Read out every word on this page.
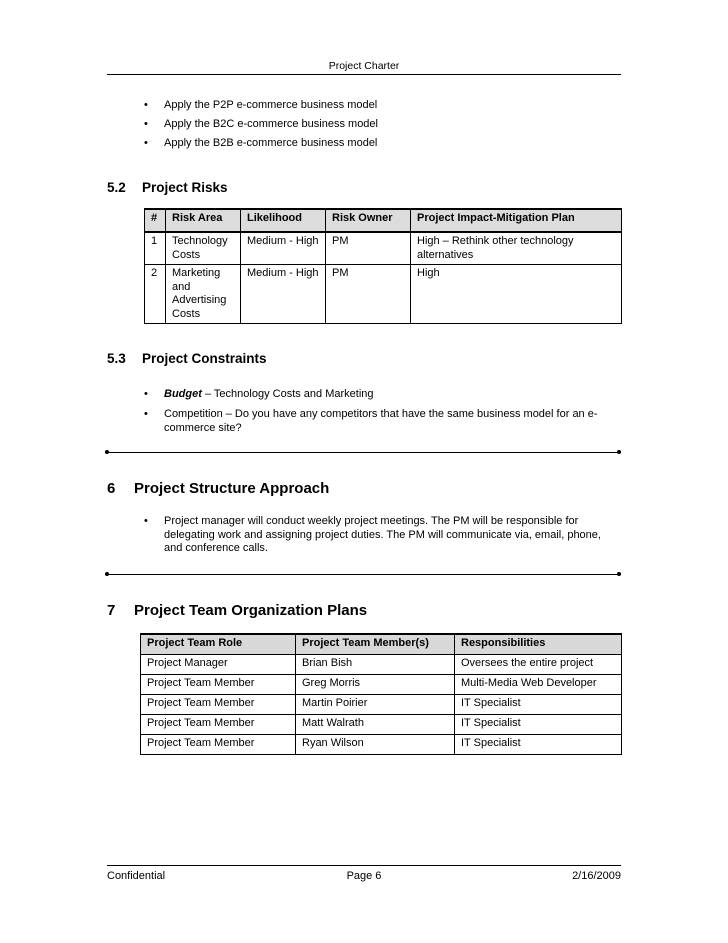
Project Charter
•	Apply the P2P e-commerce business model
•	Apply the B2C e-commerce business model
•	Apply the B2B e-commerce business model
5.2 Project Risks
#	Risk Area	Likelihood	Risk Owner	Project Impact-Mitigation Plan
1	Technology Costs	Medium - High	PM	High – Rethink other technology alternatives
2	Marketing and Advertising Costs	Medium - High	PM	High
5.3 Project Constraints
•	Budget – Technology Costs and Marketing
•	Competition – Do you have any competitors that have the same business model for an e-commerce site?
6 Project Structure Approach
•	Project manager will conduct weekly project meetings. The PM will be responsible for delegating work and assigning project duties. The PM will communicate via, email, phone, and conference calls.
7 Project Team Organization Plans
Project Team Role	Project Team Member(s)	Responsibilities
Project Manager	Brian Bish	Oversees the entire project
Project Team Member	Greg Morris	Multi-Media Web Developer
Project Team Member	Martin Poirier	IT Specialist
Project Team Member	Matt Walrath	IT Specialist
Project Team Member	Ryan Wilson	IT Specialist
Confidential	Page 6	2/16/2009
